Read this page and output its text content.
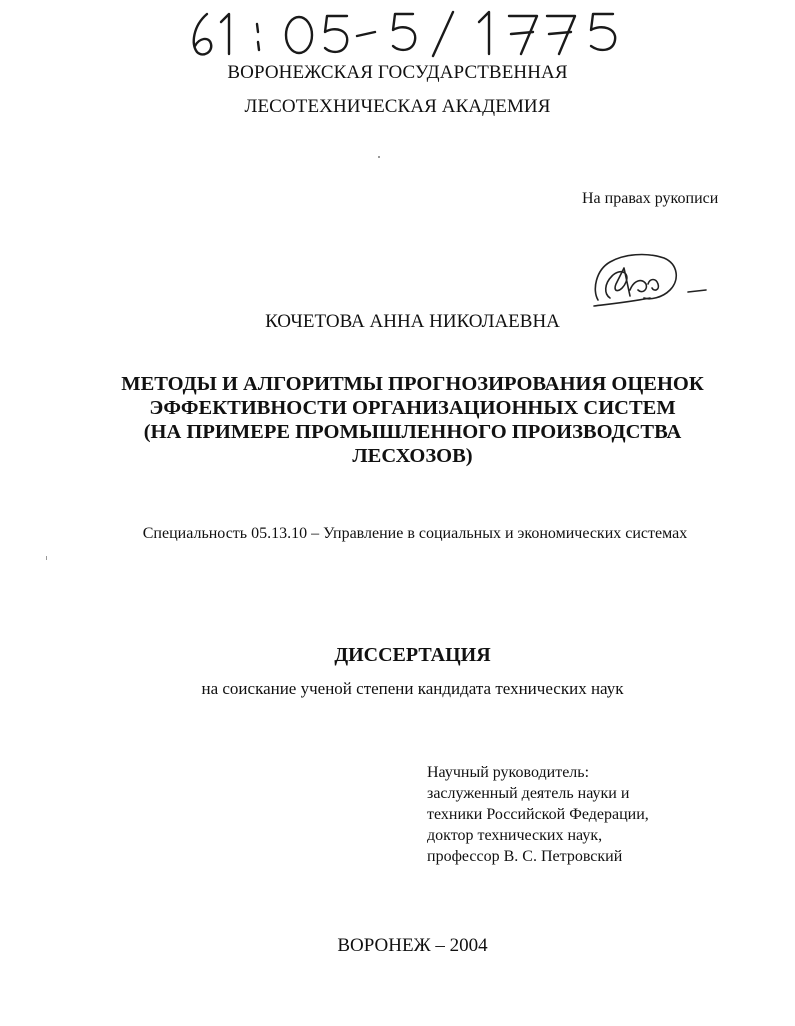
ВОРОНЕЖСКАЯ ГОСУДАРСТВЕННАЯ
ЛЕСОТЕХНИЧЕСКАЯ АКАДЕМИЯ
На правах рукописи
КОЧЕТОВА АННА НИКОЛАЕВНА
МЕТОДЫ И АЛГОРИТМЫ ПРОГНОЗИРОВАНИЯ ОЦЕНОК
ЭФФЕКТИВНОСТИ ОРГАНИЗАЦИОННЫХ СИСТЕМ
(НА ПРИМЕРЕ ПРОМЫШЛЕННОГО ПРОИЗВОДСТВА
ЛЕСХОЗОВ)
Специальность 05.13.10 – Управление в социальных и экономических системах
ДИССЕРТАЦИЯ
на соискание ученой степени кандидата технических наук
Научный руководитель:
заслуженный деятель науки и
техники Российской Федерации,
доктор технических наук,
профессор В. С. Петровский
ВОРОНЕЖ – 2004
